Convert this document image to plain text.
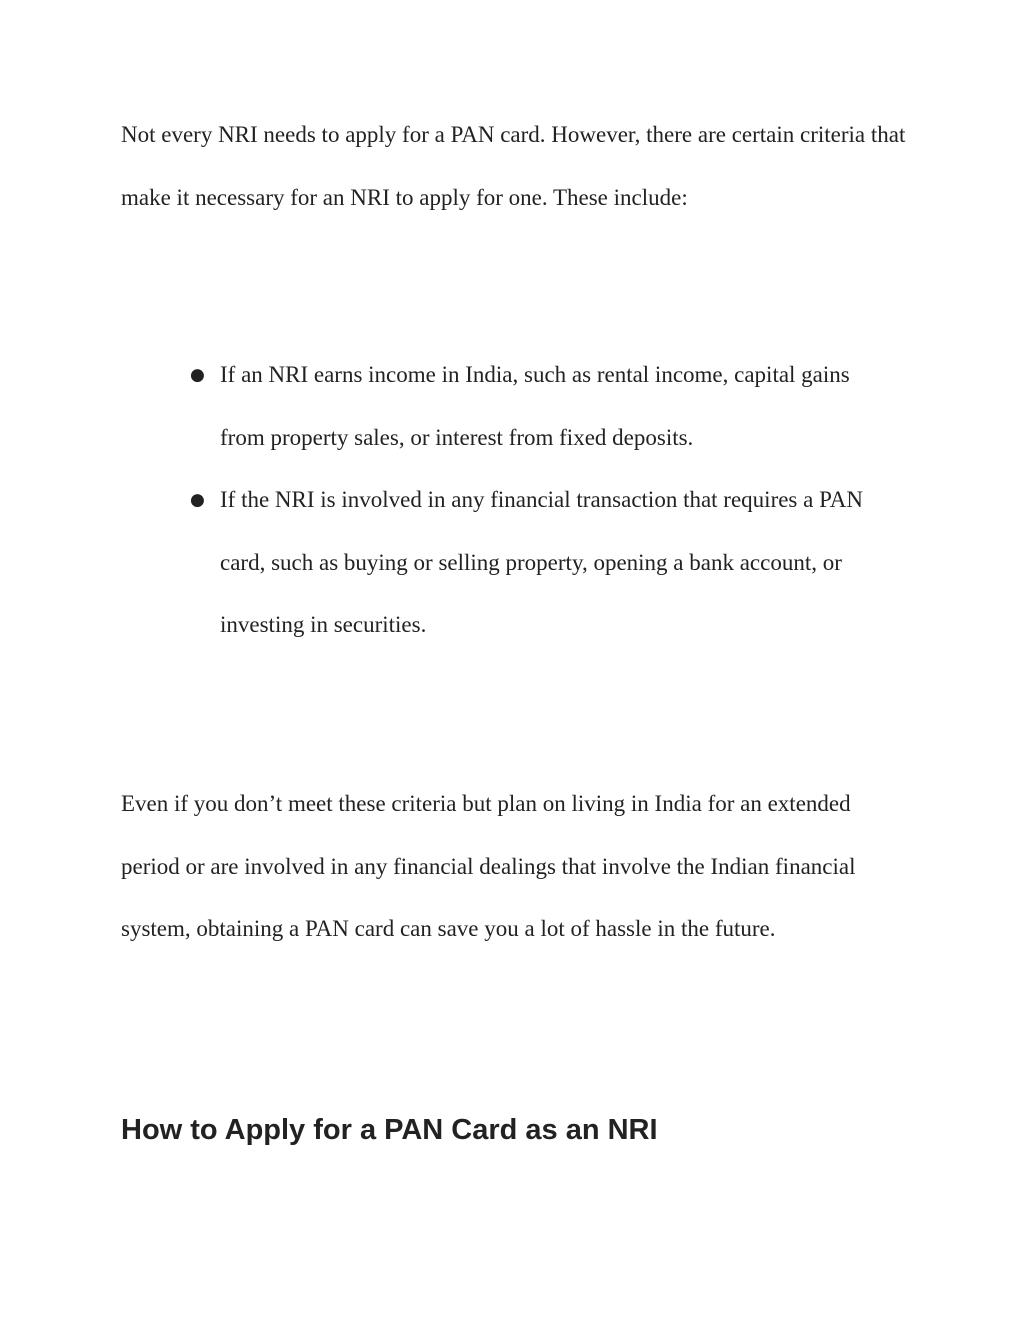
Not every NRI needs to apply for a PAN card. However, there are certain criteria that make it necessary for an NRI to apply for one. These include:

● If an NRI earns income in India, such as rental income, capital gains from property sales, or interest from fixed deposits.
● If the NRI is involved in any financial transaction that requires a PAN card, such as buying or selling property, opening a bank account, or investing in securities.

Even if you don’t meet these criteria but plan on living in India for an extended period or are involved in any financial dealings that involve the Indian financial system, obtaining a PAN card can save you a lot of hassle in the future.

How to Apply for a PAN Card as an NRI
